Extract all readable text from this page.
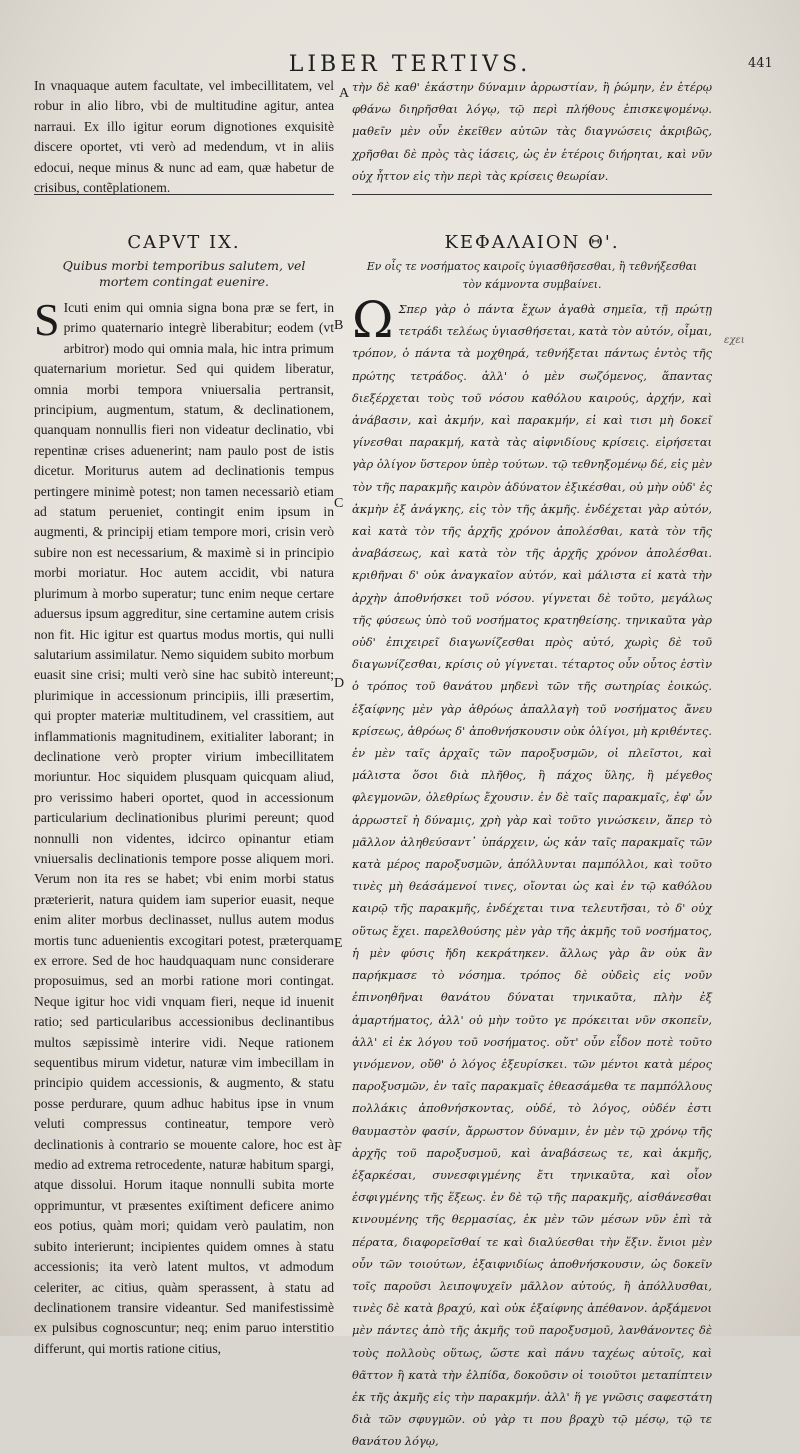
LIBER TERTIVS.	441

In vnaquaque autem facultate, vel imbecillitatem, vel robur in alio libro, vbi de multitudine agitur, antea narraui. Ex illo igitur eorum dignotiones exquisitè discere oportet, vti verò ad medendum, vt in aliis edocui, neque minus & nunc ad eam, quæ habetur de crisibus, contẽplationem.

CAPVT IX.
Quibus morbi temporibus salutem, vel mortem contingat euenire.
S Icuti enim qui omnia signa bona præ se fert, in primo quaternario integrè liberabitur; eodem (vt arbitror) modo qui omnia mala, hic intra primum quaternarium morietur. Sed qui quidem liberatur, omnia morbi tempora vniuersalia pertransit, principium, augmentum, statum, & declinationem, quanquam nonnullis fieri non videatur declinatio, vbi repentinæ crises aduenerint; nam paulo post de istis dicetur. Moriturus autem ad declinationis tempus pertingere minimè potest; non tamen necessariò etiam ad statum perueniet, contingit enim ipsum in augmenti, & principij etiam tempore mori, crisin verò subire non est necessarium, & maximè si in principio morbi moriatur. Hoc autem accidit, vbi natura plurimum à morbo superatur; tunc enim neque certare aduersus ipsum aggreditur, sine certamine autem crisis non fit. Hic igitur est quartus modus mortis, qui nulli salutarium assimilatur. Nemo siquidem subito morbum euasit sine crisi; multi verò sine hac subitò intereunt; plurimique in accessionum principiis, illi præsertim, qui propter materiæ multitudinem, vel crassitiem, aut inflammationis magnitudinem, exitialiter laborant; in declinatione verò propter virium imbecillitatem moriuntur. Hoc siquidem plusquam quicquam aliud, pro verissimo haberi oportet, quod in accessionum particularium declinationibus plurimi pereunt; quod nonnulli non videntes, idcirco opinantur etiam vniuersalis declinationis tempore posse aliquem mori. Verum non ita res se habet; vbi enim morbi status præterierit, natura quidem iam superior euasit, neque enim aliter morbus declinasset, nullus autem modus mortis tunc aduenientis excogitari potest, præterquam ex errore. Sed de hoc haudquaquam nunc considerare proposuimus, sed an morbi ratione mori contingat. Neque igitur hoc vidi vnquam fieri, neque id inuenit ratio; sed particularibus accessionibus declinantibus multos sæpissimè interire vidi. Neque rationem sequentibus mirum videtur, naturæ vim imbecillam in principio quidem accessionis, & augmento, & statu posse perdurare, quum adhuc habitus ipse in vnum veluti compressus contineatur, tempore verò declinationis à contrario se mouente calore, hoc est à medio ad extrema retrocedente, naturæ habitum spargi, atque dissolui. Horum itaque nonnulli subita morte opprimuntur, vt præsentes exiſtiment deficere animo eos potius, quàm mori; quidam verò paulatim, non subito interierunt; incipientes quidem omnes à statu accessionis; ita verò latent multos, vt admodum celeriter, ac citius, quàm sperassent, à statu ad declinationem transire videantur. Sed manifestissimè ex pulsibus cognoscuntur; neq; enim paruo interstitio differunt, qui mortis ratione citius,

A
B
C
D
E
F

τὴν δὲ καθ' ἑκάστην δύναμιν ἀρρωστίαν, ἢ ῥώμην, ἐν ἑτέρῳ φθάνω διηρῆσθαι λόγῳ, τῷ περὶ πλήθους ἐπισκεψομένῳ. μαθεῖν μὲν οὖν ἐκεῖθεν αὐτῶν τὰς διαγνώσεις ἀκριβῶς, χρῆσθαι δὲ πρὸς τὰς ἰάσεις, ὡς ἐν ἑτέροις διήρηται, καὶ νῦν οὐχ ἧττον εἰς τὴν περὶ τὰς κρίσεις θεωρίαν.

ΚΕΦΑΛΑΙΟΝ Θ'.
Εν οἷς τε νοσήματος καιροῖς ὑγιασθῆσεσθαι, ἢ τεθνήξεσθαι τὸν κάμνοντα συμβαίνει.
Ω Σπερ γὰρ ὁ πάντα ἔχων ἀγαθὰ σημεῖα, τῇ πρώτῃ τετράδι τελέως ὑγιασθήσεται, κατὰ τὸν αὐτόν, οἶμαι, τρόπον, ὁ πάντα τὰ μοχθηρά, τεθνήξεται πάντως ἐντὸς τῆς πρώτης τετράδος. ἀλλ' ὁ μὲν σωζόμενος, ἅπαντας διεξέρχεται τοὺς τοῦ νόσου καθόλου καιρούς, ἀρχήν, καὶ ἀνάβασιν, καὶ ἀκμήν, καὶ παρακμήν, εἰ καὶ τισι μὴ δοκεῖ γίνεσθαι παρακμή, κατὰ τὰς αἰφνιδίους κρίσεις. εἰρήσεται γὰρ ὀλίγον ὕστερον ὑπὲρ τούτων. τῷ τεθνηξομένῳ δέ, εἰς μὲν τὸν τῆς παρακμῆς καιρὸν ἀδύνατον ἐξικέσθαι, οὐ μὴν οὐδ' ἐς ἀκμὴν ἐξ ἀνάγκης, εἰς τὸν τῆς ἀκμῆς. ἐνδέχεται γὰρ αὐτόν, καὶ κατὰ τὸν τῆς ἀρχῆς χρόνον ἀπολέσθαι, κατὰ τὸν τῆς ἀναβάσεως, καὶ κατὰ τὸν τῆς ἀρχῆς χρόνον ἀπολέσθαι. κριθῆναι δ' οὐκ ἀναγκαῖον αὐτόν, καὶ μάλιστα εἰ κατὰ τὴν ἀρχὴν ἀποθνήσκει τοῦ νόσου. γίγνεται δὲ τοῦτο, μεγάλως τῆς φύσεως ὑπὸ τοῦ νοσήματος κρατηθείσης. τηνικαῦτα γὰρ οὐδ' ἐπιχειρεῖ διαγωνίζεσθαι πρὸς αὐτό, χωρὶς δὲ τοῦ διαγωνίζεσθαι, κρίσις οὐ γίγνεται. τέταρτος οὖν οὗτος ἐστὶν ὁ τρόπος τοῦ θανάτου μηδενὶ τῶν τῆς σωτηρίας ἐοικώς. ἐξαίφνης μὲν γὰρ ἀθρόως ἀπαλλαγὴ τοῦ νοσήματος ἄνευ κρίσεως, ἀθρόως δ' ἀποθνήσκουσιν οὐκ ὀλίγοι, μὴ κριθέντες. ἐν μὲν ταῖς ἀρχαῖς τῶν παροξυσμῶν, οἱ πλεῖστοι, καὶ μάλιστα ὅσοι διὰ πλῆθος, ἢ πάχος ὕλης, ἢ μέγεθος φλεγμονῶν, ὀλεθρίως ἔχουσιν. ἐν δὲ ταῖς παρακμαῖς, ἐφ' ὧν ἀρρωστεῖ ἡ δύναμις, χρὴ γὰρ καὶ τοῦτο γινώσκειν, ἅπερ τὸ μᾶλλον ἀληθεύσαντ᾽ ὑπάρχειν, ὡς κἀν ταῖς παρακμαῖς τῶν κατὰ μέρος παροξυσμῶν, ἀπόλλυνται παμπόλλοι, καὶ τοῦτο τινὲς μὴ θεάσάμενοί τινες, οἴονται ὡς καὶ ἐν τῷ καθόλου καιρῷ τῆς παρακμῆς, ἐνδέχεται τινα τελευτῆσαι, τὸ δ' οὐχ οὕτως ἔχει. παρελθούσης μὲν γὰρ τῆς ἀκμῆς τοῦ νοσήματος, ἡ μὲν φύσις ἤδη κεκράτηκεν. ἄλλως γὰρ ἂν οὐκ ἂν παρήκμασε τὸ νόσημα. τρόπος δὲ οὐδεὶς εἰς νοῦν ἐπινοηθῆναι θανάτου δύναται τηνικαῦτα, πλὴν ἐξ ἁμαρτήματος, ἀλλ' οὐ μὴν τοῦτο γε πρόκειται νῦν σκοπεῖν, ἀλλ' εἰ ἐκ λόγου τοῦ νοσήματος. οὔτ' οὖν εἶδον ποτὲ τοῦτο γινόμενον, οὔθ' ὁ λόγος ἐξευρίσκει. τῶν μέντοι κατὰ μέρος παροξυσμῶν, ἐν ταῖς παρακμαῖς ἐθεασάμεθα τε παμπόλλους πολλάκις ἀποθνήσκοντας, οὐδέ, τὸ λόγος, οὐδέν ἐστι θαυμαστὸν φασίν, ἄρρωστον δύναμιν, ἐν μὲν τῷ χρόνῳ τῆς ἀρχῆς τοῦ παροξυσμοῦ, καὶ ἀναβάσεως τε, καὶ ἀκμῆς, ἐξαρκέσαι, συνεσφιγμένης ἔτι τηνικαῦτα, καὶ οἷον ἐσφιγμένης τῆς ἕξεως. ἐν δὲ τῷ τῆς παρακμῆς, αἰσθάνεσθαι κινουμένης τῆς θερμασίας, ἐκ μὲν τῶν μέσων νῦν ἐπὶ τὰ πέρατα, διαφορεῖσθαί τε καὶ διαλύεσθαι τὴν ἕξιν. ἔνιοι μὲν οὖν τῶν τοιούτων, ἐξαιφνιδίως ἀποθνήσκουσιν, ὡς δοκεῖν τοῖς παροῦσι λειποψυχεῖν μᾶλλον αὐτούς, ἢ ἀπόλλυσθαι, τινὲς δὲ κατὰ βραχύ, καὶ οὐκ ἐξαίφνης ἀπέθανον. ἀρξάμενοι μὲν πάντες ἀπὸ τῆς ἀκμῆς τοῦ παροξυσμοῦ, λανθάνοντες δὲ τοὺς πολλοὺς οὕτως, ὥστε καὶ πάνυ ταχέως αὐτοῖς, καὶ θᾶττον ἢ κατὰ τὴν ἐλπίδα, δοκοῦσιν οἱ τοιοῦτοι μεταπίπτειν ἐκ τῆς ἀκμῆς εἰς τὴν παρακμήν. ἀλλ' ἥ γε γνῶσις σαφεστάτη διὰ τῶν σφυγμῶν. οὐ γὰρ τι που βραχὺ τῷ μέσῳ, τῷ τε θανάτου λόγῳ,

εχει
